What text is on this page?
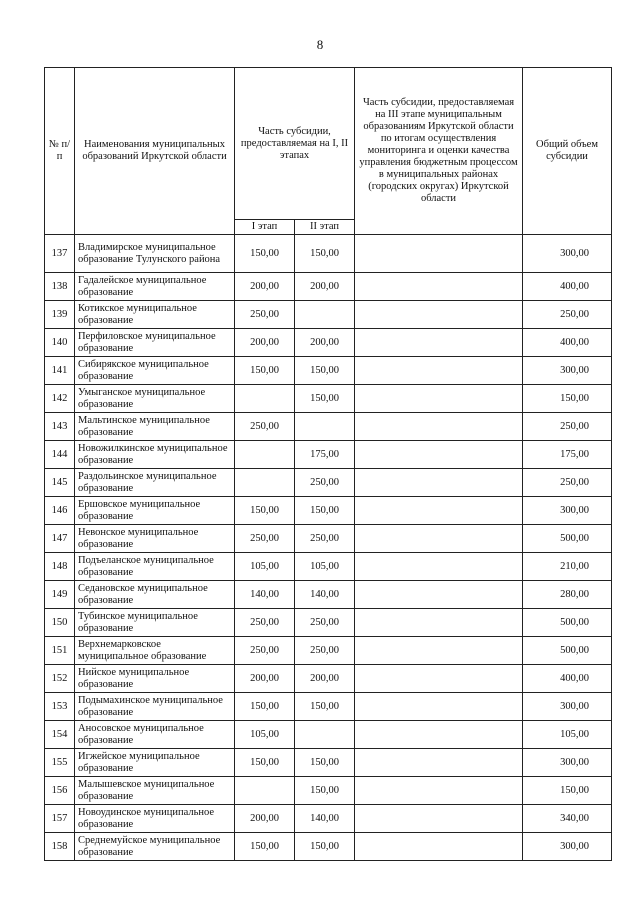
8
№ п/п	Наименования муниципальных образований Иркутской области	Часть субсидии, предоставляемая на I, II этапах		Часть субсидии, предоставляемая на III этапе муниципальным образованиям Иркутской области по итогам осуществления мониторинга и оценки качества управления бюджетным процессом в муниципальных районах (городских округах) Иркутской области	Общий объем субсидии
		I этап	II этап		
137	Владимирское муниципальное образование Тулунского района	150,00	150,00		300,00
138	Гадалейское муниципальное образование	200,00	200,00		400,00
139	Котикское муниципальное образование	250,00			250,00
140	Перфиловское муниципальное образование	200,00	200,00		400,00
141	Сибирякское муниципальное образование	150,00	150,00		300,00
142	Умыганское муниципальное образование		150,00		150,00
143	Мальтинское муниципальное образование	250,00			250,00
144	Новожилкинское муниципальное образование		175,00		175,00
145	Раздольинское муниципальное образование		250,00		250,00
146	Ершовское муниципальное образование	150,00	150,00		300,00
147	Невонское муниципальное образование	250,00	250,00		500,00
148	Подъеланское муниципальное образование	105,00	105,00		210,00
149	Седановское муниципальное образование	140,00	140,00		280,00
150	Тубинское муниципальное образование	250,00	250,00		500,00
151	Верхнемарковское муниципальное образование	250,00	250,00		500,00
152	Нийское муниципальное образование	200,00	200,00		400,00
153	Подымахинское муниципальное образование	150,00	150,00		300,00
154	Аносовское муниципальное образование	105,00			105,00
155	Игжейское муниципальное образование	150,00	150,00		300,00
156	Малышевское муниципальное образование		150,00		150,00
157	Новоудинское муниципальное образование	200,00	140,00		340,00
158	Среднемуйское муниципальное образование	150,00	150,00		300,00
